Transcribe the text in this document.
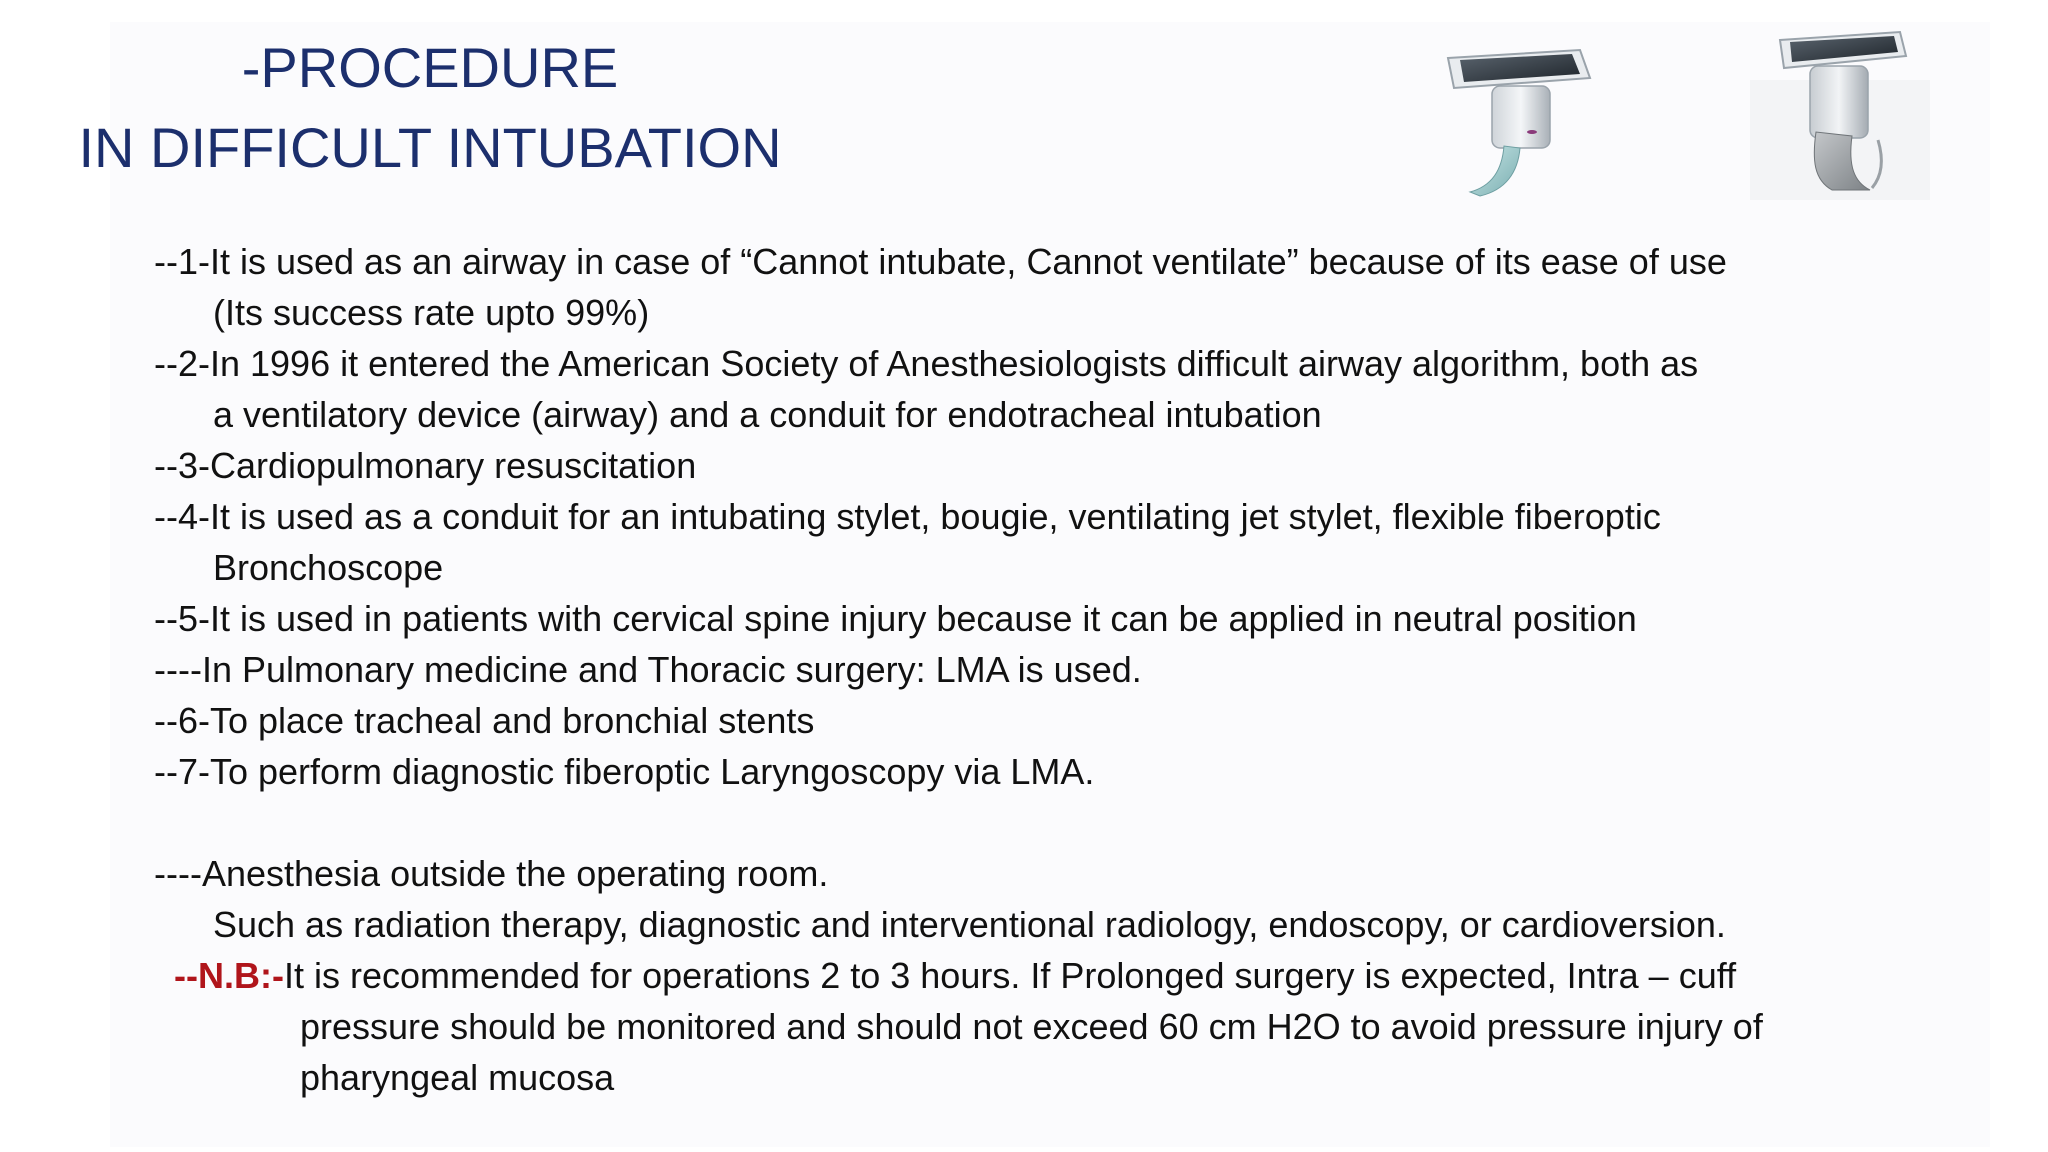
-PROCEDURE
IN DIFFICULT INTUBATION
--1-It is used as an airway in case of “Cannot intubate, Cannot ventilate” because of its ease of use
(Its success rate upto 99%)
--2-In 1996 it entered the American Society of Anesthesiologists difficult airway algorithm, both as
a ventilatory device (airway) and a conduit for endotracheal intubation
--3-Cardiopulmonary resuscitation
--4-It is used as a conduit for an intubating stylet, bougie, ventilating jet stylet, flexible fiberoptic
Bronchoscope
--5-It is used in patients with cervical spine injury because it can be applied in neutral position
----In Pulmonary medicine and Thoracic surgery: LMA is used.
--6-To place tracheal and bronchial stents
--7-To perform diagnostic fiberoptic Laryngoscopy via LMA.
----Anesthesia outside the operating room.
Such as radiation therapy, diagnostic and interventional radiology, endoscopy, or cardioversion.
--N.B:-It is recommended for operations 2 to 3 hours. If Prolonged surgery is expected, Intra – cuff
pressure should be monitored and should not exceed 60 cm H2O to avoid pressure injury of
pharyngeal mucosa
